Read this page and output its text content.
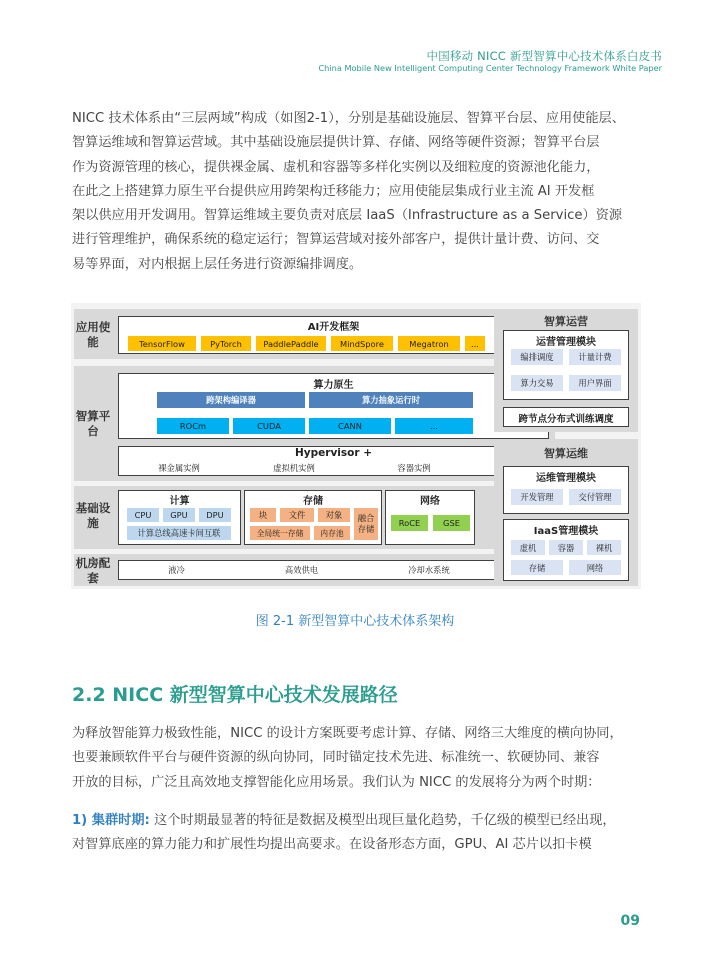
中国移动 NICC 新型智算中心技术体系白皮书
China Mobile New Intelligent Computing Center Technology Framework White Paper
NICC 技术体系由“三层两域”构成（如图2-1），分别是基础设施层、智算平台层、应用使能层、
智算运维域和智算运营域。其中基础设施层提供计算、存储、网络等硬件资源；智算平台层
作为资源管理的核心，提供裸金属、虚机和容器等多样化实例以及细粒度的资源池化能力，
在此之上搭建算力原生平台提供应用跨架构迁移能力；应用使能层集成行业主流 AI 开发框
架以供应用开发调用。智算运维域主要负责对底层 IaaS（Infrastructure as a Service）资源
进行管理维护，确保系统的稳定运行；智算运营域对接外部客户，提供计量计费、访问、交
易等界面，对内根据上层任务进行资源编排调度。
应用使能
AI开发框架
TensorFlow	PyTorch	PaddlePaddle	MindSpore	Megatron	...
智算平台
算力原生
跨架构编译器	算力抽象运行时
ROCm	CUDA	CANN	...
Hypervisor +
裸金属实例	虚拟机实例	容器实例
基础设施
计算
CPU	GPU	DPU
计算总线高速卡间互联
存储
块	文件	对象
全局统一存储	内存池
融合存储
网络
RoCE	GSE
机房配套
液冷	高效供电	冷却水系统
智算运营
运营管理模块
编排调度	计量计费
算力交易	用户界面
跨节点分布式训练调度
智算运维
运维管理模块
开发管理	交付管理
IaaS管理模块
虚机	容器	裸机
存储	网络
图 2-1 新型智算中心技术体系架构
2.2 NICC 新型智算中心技术发展路径
为释放智能算力极致性能，NICC 的设计方案既要考虑计算、存储、网络三大维度的横向协同，
也要兼顾软件平台与硬件资源的纵向协同，同时锚定技术先进、标准统一、软硬协同、兼容
开放的目标，广泛且高效地支撑智能化应用场景。我们认为 NICC 的发展将分为两个时期：
1) 集群时期: 这个时期最显著的特征是数据及模型出现巨量化趋势，千亿级的模型已经出现，
对智算底座的算力能力和扩展性均提出高要求。在设备形态方面，GPU、AI 芯片以扣卡模
09
